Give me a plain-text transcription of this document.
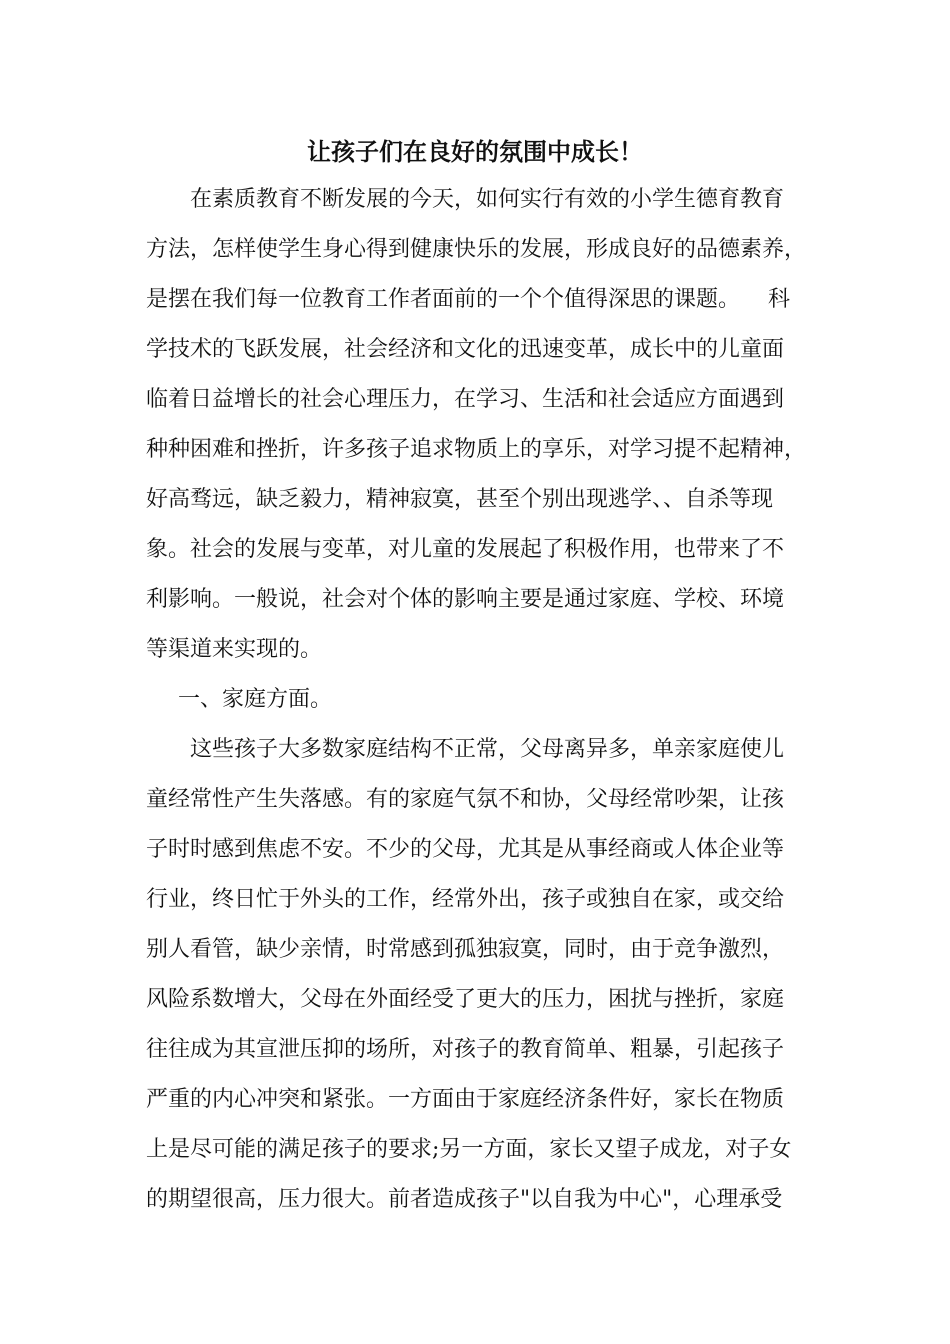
让孩子们在良好的氛围中成长！
在素质教育不断发展的今天，如何实行有效的小学生德育教育
方法，怎样使学生身心得到健康快乐的发展，形成良好的品德素养，
是摆在我们每一位教育工作者面前的一个个值得深思的课题。    科
学技术的飞跃发展，社会经济和文化的迅速变革，成长中的儿童面
临着日益增长的社会心理压力，在学习、生活和社会适应方面遇到
种种困难和挫折，许多孩子追求物质上的享乐，对学习提不起精神，
好高骛远，缺乏毅力，精神寂寞，甚至个别出现逃学、、自杀等现
象。社会的发展与变革，对儿童的发展起了积极作用，也带来了不
利影响。一般说，社会对个体的影响主要是通过家庭、学校、环境
等渠道来实现的。
一、家庭方面。
这些孩子大多数家庭结构不正常，父母离异多，单亲家庭使儿
童经常性产生失落感。有的家庭气氛不和协，父母经常吵架，让孩
子时时感到焦虑不安。不少的父母，尤其是从事经商或人体企业等
行业，终日忙于外头的工作，经常外出，孩子或独自在家，或交给
别人看管，缺少亲情，时常感到孤独寂寞，同时，由于竞争激烈，
风险系数增大，父母在外面经受了更大的压力，困扰与挫折，家庭
往往成为其宣泄压抑的场所，对孩子的教育简单、粗暴，引起孩子
严重的内心冲突和紧张。一方面由于家庭经济条件好，家长在物质
上是尽可能的满足孩子的要求;另一方面，家长又望子成龙，对子女
的期望很高，压力很大。前者造成孩子"以自我为中心"，心理承受
